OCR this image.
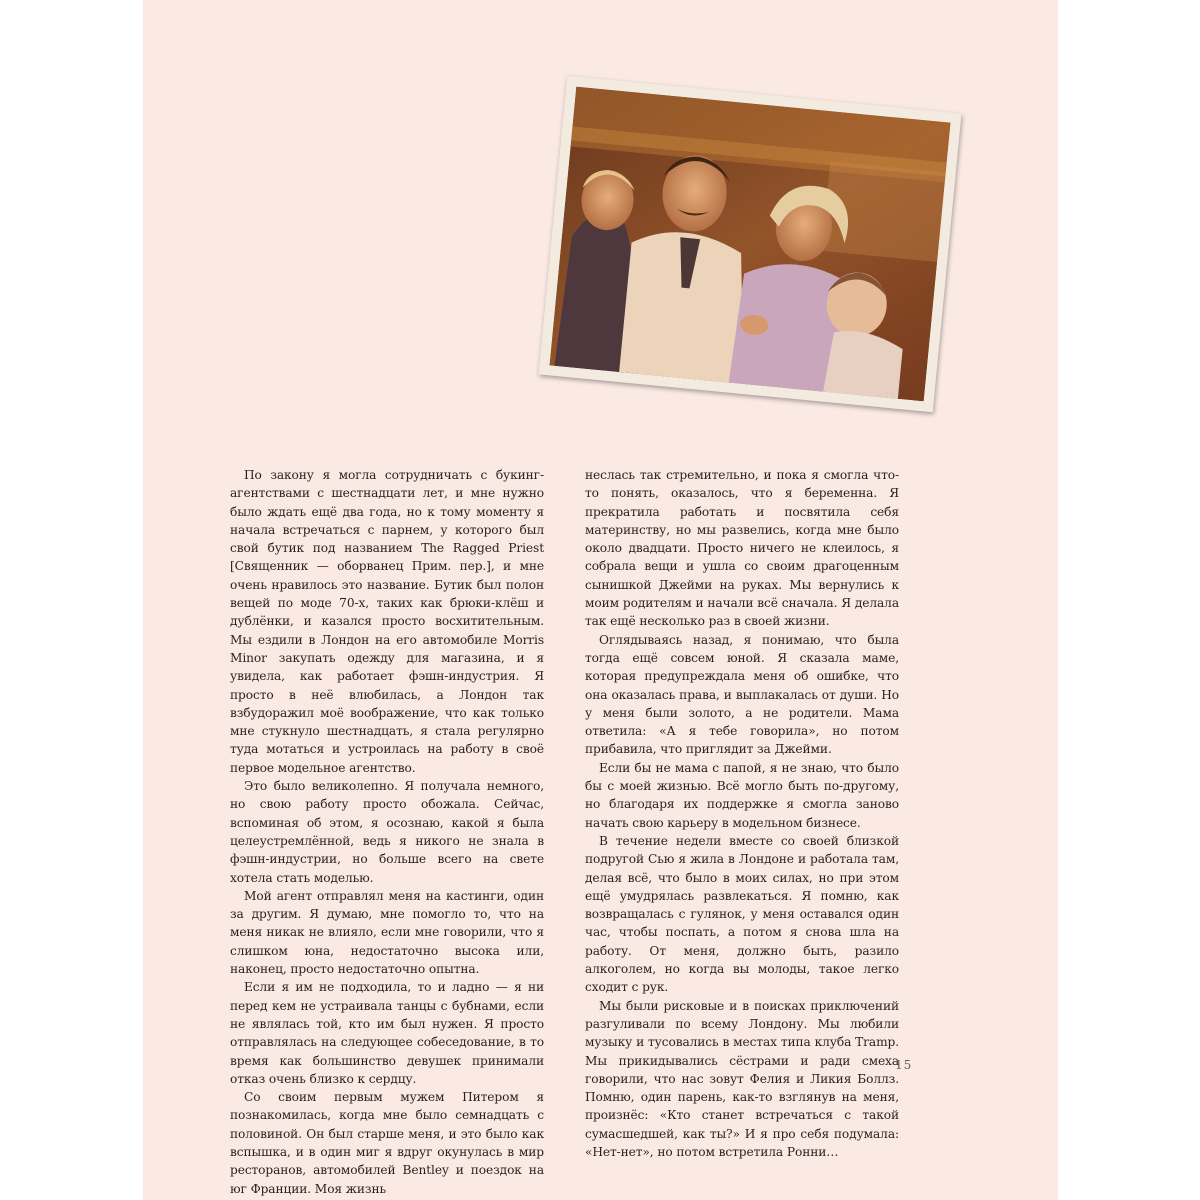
По закону я могла сотрудничать с букинг-агентствами с шестнадцати лет, и мне нужно было ждать ещё два года, но к тому моменту я начала встречаться с парнем, у которого был свой бутик под названием The Ragged Priest [Священник — оборванец Прим. пер.], и мне очень нравилось это название. Бутик был полон вещей по моде 70-х, таких как брюки-клёш и дублёнки, и казался просто восхитительным. Мы ездили в Лондон на его автомобиле Morris Minor закупать одежду для магазина, и я увидела, как работает фэшн-индустрия. Я просто в неё влюбилась, а Лондон так взбудоражил моё воображение, что как только мне стукнуло шестнадцать, я стала регулярно туда мотаться и устроилась на работу в своё первое модельное агентство.

Это было великолепно. Я получала немного, но свою работу просто обожала. Сейчас, вспоминая об этом, я осознаю, какой я была целеустремлённой, ведь я никого не знала в фэшн-индустрии, но больше всего на свете хотела стать моделью.

Мой агент отправлял меня на кастинги, один за другим. Я думаю, мне помогло то, что на меня никак не влияло, если мне говорили, что я слишком юна, недостаточно высока или, наконец, просто недостаточно опытна.

Если я им не подходила, то и ладно — я ни перед кем не устраивала танцы с бубнами, если не являлась той, кто им был нужен. Я просто отправлялась на следующее собеседование, в то время как большинство девушек принимали отказ очень близко к сердцу.

Со своим первым мужем Питером я познакомилась, когда мне было семнадцать с половиной. Он был старше меня, и это было как вспышка, и в один миг я вдруг окунулась в мир ресторанов, автомобилей Bentley и поездок на юг Франции. Моя жизнь

неслась так стремительно, и пока я смогла что-то понять, оказалось, что я беременна. Я прекратила работать и посвятила себя материнству, но мы развелись, когда мне было около двадцати. Просто ничего не клеилось, я собрала вещи и ушла со своим драгоценным сынишкой Джейми на руках. Мы вернулись к моим родителям и начали всё сначала. Я делала так ещё несколько раз в своей жизни.

Оглядываясь назад, я понимаю, что была тогда ещё совсем юной. Я сказала маме, которая предупреждала меня об ошибке, что она оказалась права, и выплакалась от души. Но у меня были золото, а не родители. Мама ответила: «А я тебе говорила», но потом прибавила, что приглядит за Джейми.

Если бы не мама с папой, я не знаю, что было бы с моей жизнью. Всё могло быть по-другому, но благодаря их поддержке я смогла заново начать свою карьеру в модельном бизнесе.

В течение недели вместе со своей близкой подругой Сью я жила в Лондоне и работала там, делая всё, что было в моих силах, но при этом ещё умудрялась развлекаться. Я помню, как возвращалась с гулянок, у меня оставался один час, чтобы поспать, а потом я снова шла на работу. От меня, должно быть, разило алкоголем, но когда вы молоды, такое легко сходит с рук.

Мы были рисковые и в поисках приключений разгуливали по всему Лондону. Мы любили музыку и тусовались в местах типа клуба Tramp. Мы прикидывались сёстрами и ради смеха говорили, что нас зовут Фелия и Ликия Боллз. Помню, один парень, как-то взглянув на меня, произнёс: «Кто станет встречаться с такой сумасшедшей, как ты?» И я про себя подумала: «Нет-нет», но потом встретила Ронни…

15
